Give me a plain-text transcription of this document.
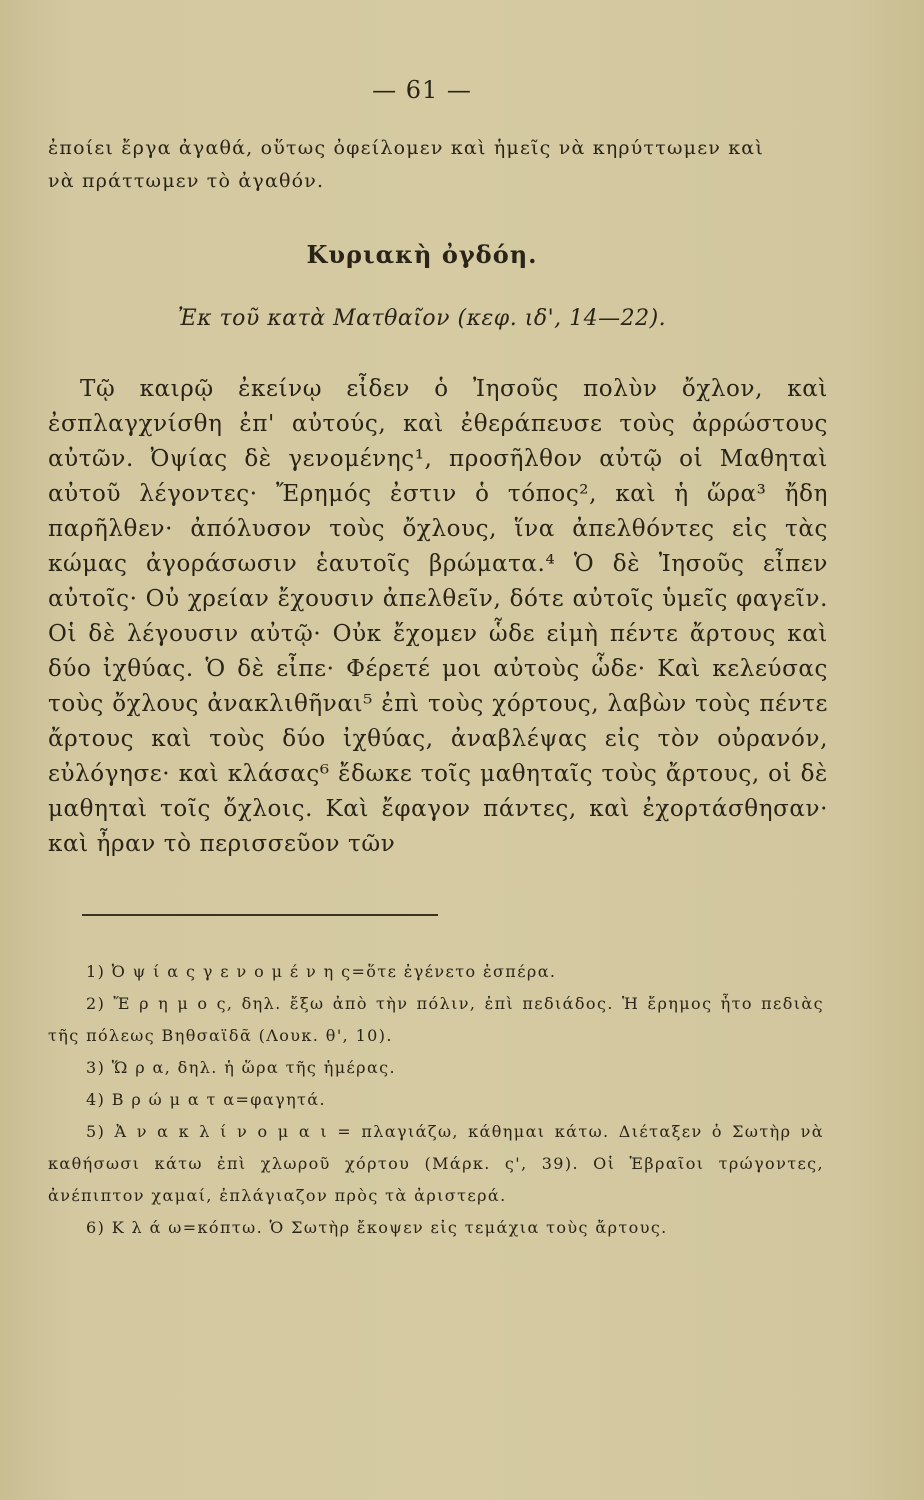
— 61 —

ἐποίει ἔργα ἀγαθά, οὕτως ὀφείλομεν καὶ ἡμεῖς νὰ κηρύττωμεν καὶ
νὰ πράττωμεν τὸ ἀγαθόν.

Κυριακὴ ὀγδόη.

Ἐκ τοῦ κατὰ Ματθαῖον (κεφ. ιδ', 14—22).

Τῷ καιρῷ ἐκείνῳ εἶδεν ὁ Ἰησοῦς πολὺν ὄχλον, καὶ ἐσπλαγχνίσθη ἐπ' αὐτούς, καὶ ἐθεράπευσε τοὺς ἀρρώστους αὐτῶν. Ὀψίας δὲ γενομένης¹, προσῆλθον αὐτῷ οἱ Μαθηταὶ αὐτοῦ λέγοντες· Ἔρημός ἐστιν ὁ τόπος², καὶ ἡ ὥρα³ ἤδη παρῆλθεν· ἀπόλυσον τοὺς ὄχλους, ἵνα ἀπελθόντες εἰς τὰς κώμας ἀγοράσωσιν ἑαυτοῖς βρώματα.⁴ Ὁ δὲ Ἰησοῦς εἶπεν αὐτοῖς· Οὐ χρείαν ἔχουσιν ἀπελθεῖν, δότε αὐτοῖς ὑμεῖς φαγεῖν. Οἱ δὲ λέγουσιν αὐτῷ· Οὐκ ἔχομεν ὧδε εἰμὴ πέντε ἄρτους καὶ δύο ἰχθύας. Ὁ δὲ εἶπε· Φέρετέ μοι αὐτοὺς ὧδε· Καὶ κελεύσας τοὺς ὄχλους ἀνακλιθῆναι⁵ ἐπὶ τοὺς χόρτους, λαβὼν τοὺς πέντε ἄρτους καὶ τοὺς δύο ἰχθύας, ἀναβλέψας εἰς τὸν οὐρανόν, εὐλόγησε· καὶ κλάσας⁶ ἔδωκε τοῖς μαθηταῖς τοὺς ἄρτους, οἱ δὲ μαθηταὶ τοῖς ὄχλοις. Καὶ ἔφαγον πάντες, καὶ ἐχορτάσθησαν· καὶ ἦραν τὸ περισσεῦον τῶν

1) Ὀ ψ ί α ς γ ε ν ο μ έ ν η ς=ὅτε ἐγένετο ἑσπέρα.
2) Ἔ ρ η μ ο ς, δηλ. ἔξω ἀπὸ τὴν πόλιν, ἐπὶ πεδιάδος. Ἡ ἔρημος ἦτο πεδιὰς τῆς πόλεως Βηθσαϊδᾶ (Λουκ. θ', 10).
3) Ὥ ρ α, δηλ. ἡ ὥρα τῆς ἡμέρας.
4) Β ρ ώ μ α τ α=φαγητά.
5) Ἀ ν α κ λ ί ν ο μ α ι = πλαγιάζω, κάθημαι κάτω. Διέταξεν ὁ Σωτὴρ νὰ καθήσωσι κάτω ἐπὶ χλωροῦ χόρτου (Μάρκ. ς', 39). Οἱ Ἑβραῖοι τρώγοντες, ἀνέπιπτον χαμαί, ἐπλάγιαζον πρὸς τὰ ἀριστερά.
6) Κ λ ά ω=κόπτω. Ὁ Σωτὴρ ἔκοψεν εἰς τεμάχια τοὺς ἄρτους.
